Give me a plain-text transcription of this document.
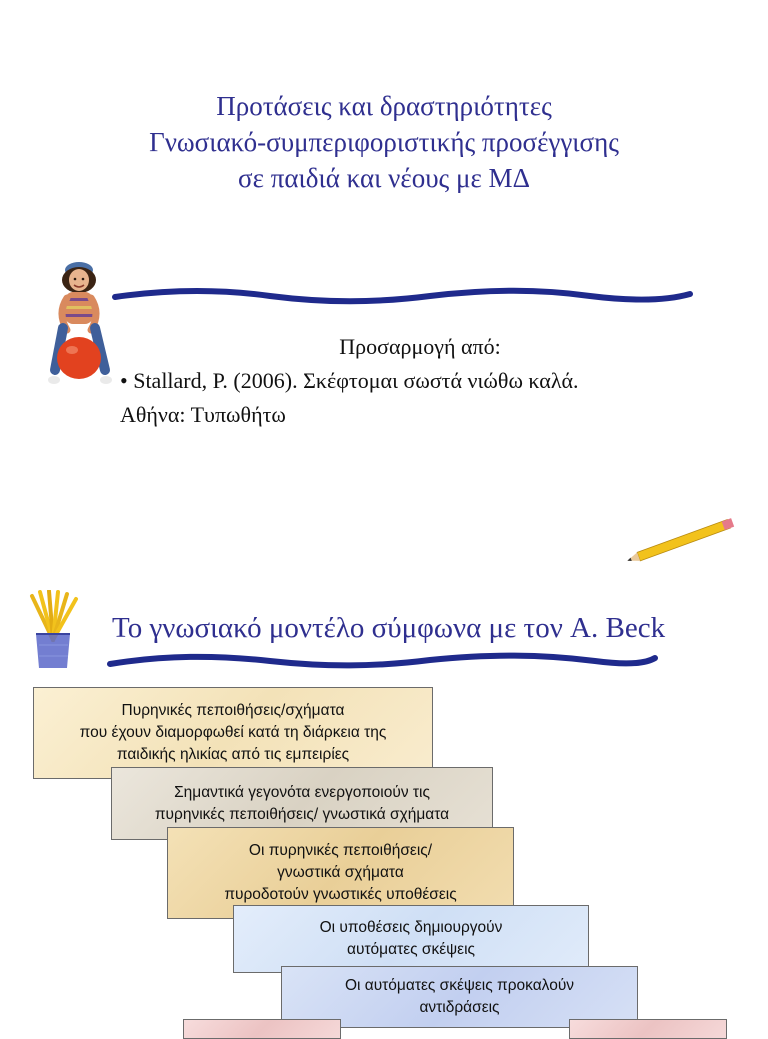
Προτάσεις και δραστηριότητες
Γνωσιακό-συμπεριφοριστικής προσέγγισης
σε παιδιά και νέους με ΜΔ
Προσαρμογή από:
• Stallard, P. (2006). Σκέφτομαι σωστά νιώθω καλά.
Αθήνα: Τυπωθήτω
Το γνωσιακό μοντέλο σύμφωνα με τον A. Beck
Πυρηνικές πεποιθήσεις/σχήματα
που έχουν διαμορφωθεί κατά τη διάρκεια της
παιδικής ηλικίας από τις εμπειρίες
Σημαντικά γεγονότα ενεργοποιούν τις
πυρηνικές πεποιθήσεις/ γνωστικά σχήματα
Οι πυρηνικές πεποιθήσεις/
γνωστικά σχήματα
πυροδοτούν γνωστικές υποθέσεις
Οι υποθέσεις δημιουργούν
αυτόματες σκέψεις
Οι αυτόματες σκέψεις προκαλούν
αντιδράσεις
